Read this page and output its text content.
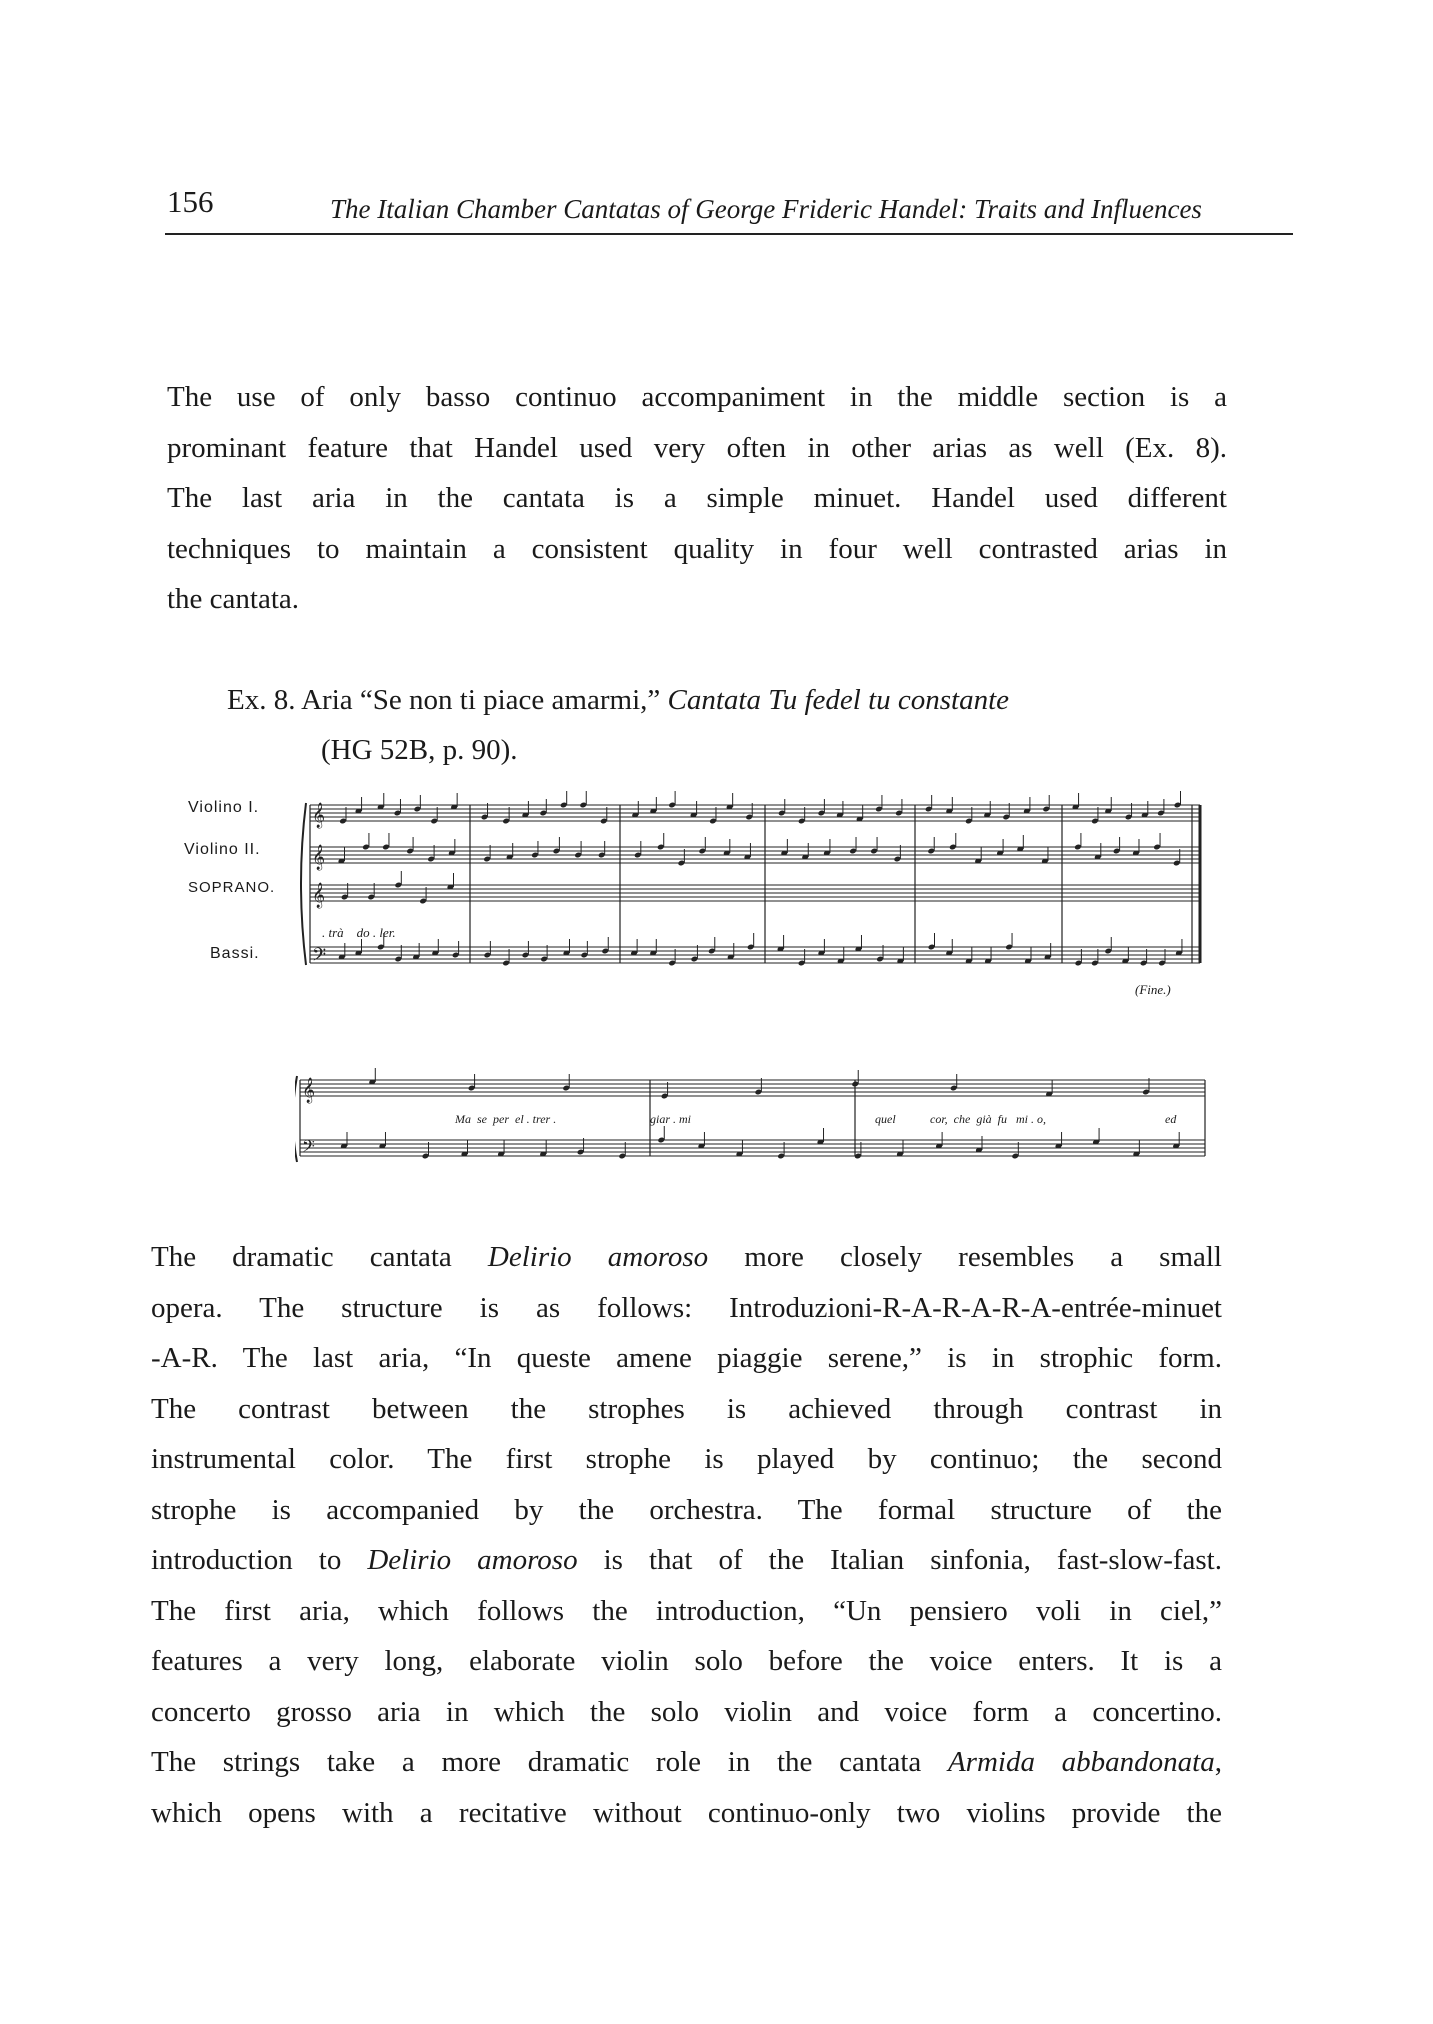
156	The Italian Chamber Cantatas of George Frideric Handel: Traits and Influences
The use of only basso continuo accompaniment in the middle section is a
prominant feature that Handel used very often in other arias as well (Ex. 8).
The last aria in the cantata is a simple minuet. Handel used different
techniques to maintain a consistent quality in four well contrasted arias in
the cantata.
Ex. 8. Aria “Se non ti piace amarmi,” Cantata Tu fedel tu constante
(HG 52B, p. 90).
Violino I.
Violino II.
SOPRANO.
Bassi.
𝄞
𝄞
𝄞
𝄢
. trà    do . ler.
(Fine.)
𝄞
𝄢
Ma  se  per  el . trer .	giar . mi	quel	cor,  che  già  fu   mi . o,	ed
The dramatic cantata Delirio amoroso more closely resembles a small
opera. The structure is as follows: Introduzioni-R-A-R-A-R-A-entrée-minuet
-A-R. The last aria, “In queste amene piaggie serene,” is in strophic form.
The contrast between the strophes is achieved through contrast in
instrumental color. The first strophe is played by continuo; the second
strophe is accompanied by the orchestra. The formal structure of the
introduction to Delirio amoroso is that of the Italian sinfonia, fast-slow-fast.
The first aria, which follows the introduction, “Un pensiero voli in ciel,”
features a very long, elaborate violin solo before the voice enters. It is a
concerto grosso aria in which the solo violin and voice form a concertino.
The strings take a more dramatic role in the cantata Armida abbandonata,
which opens with a recitative without continuo-only two violins provide the
